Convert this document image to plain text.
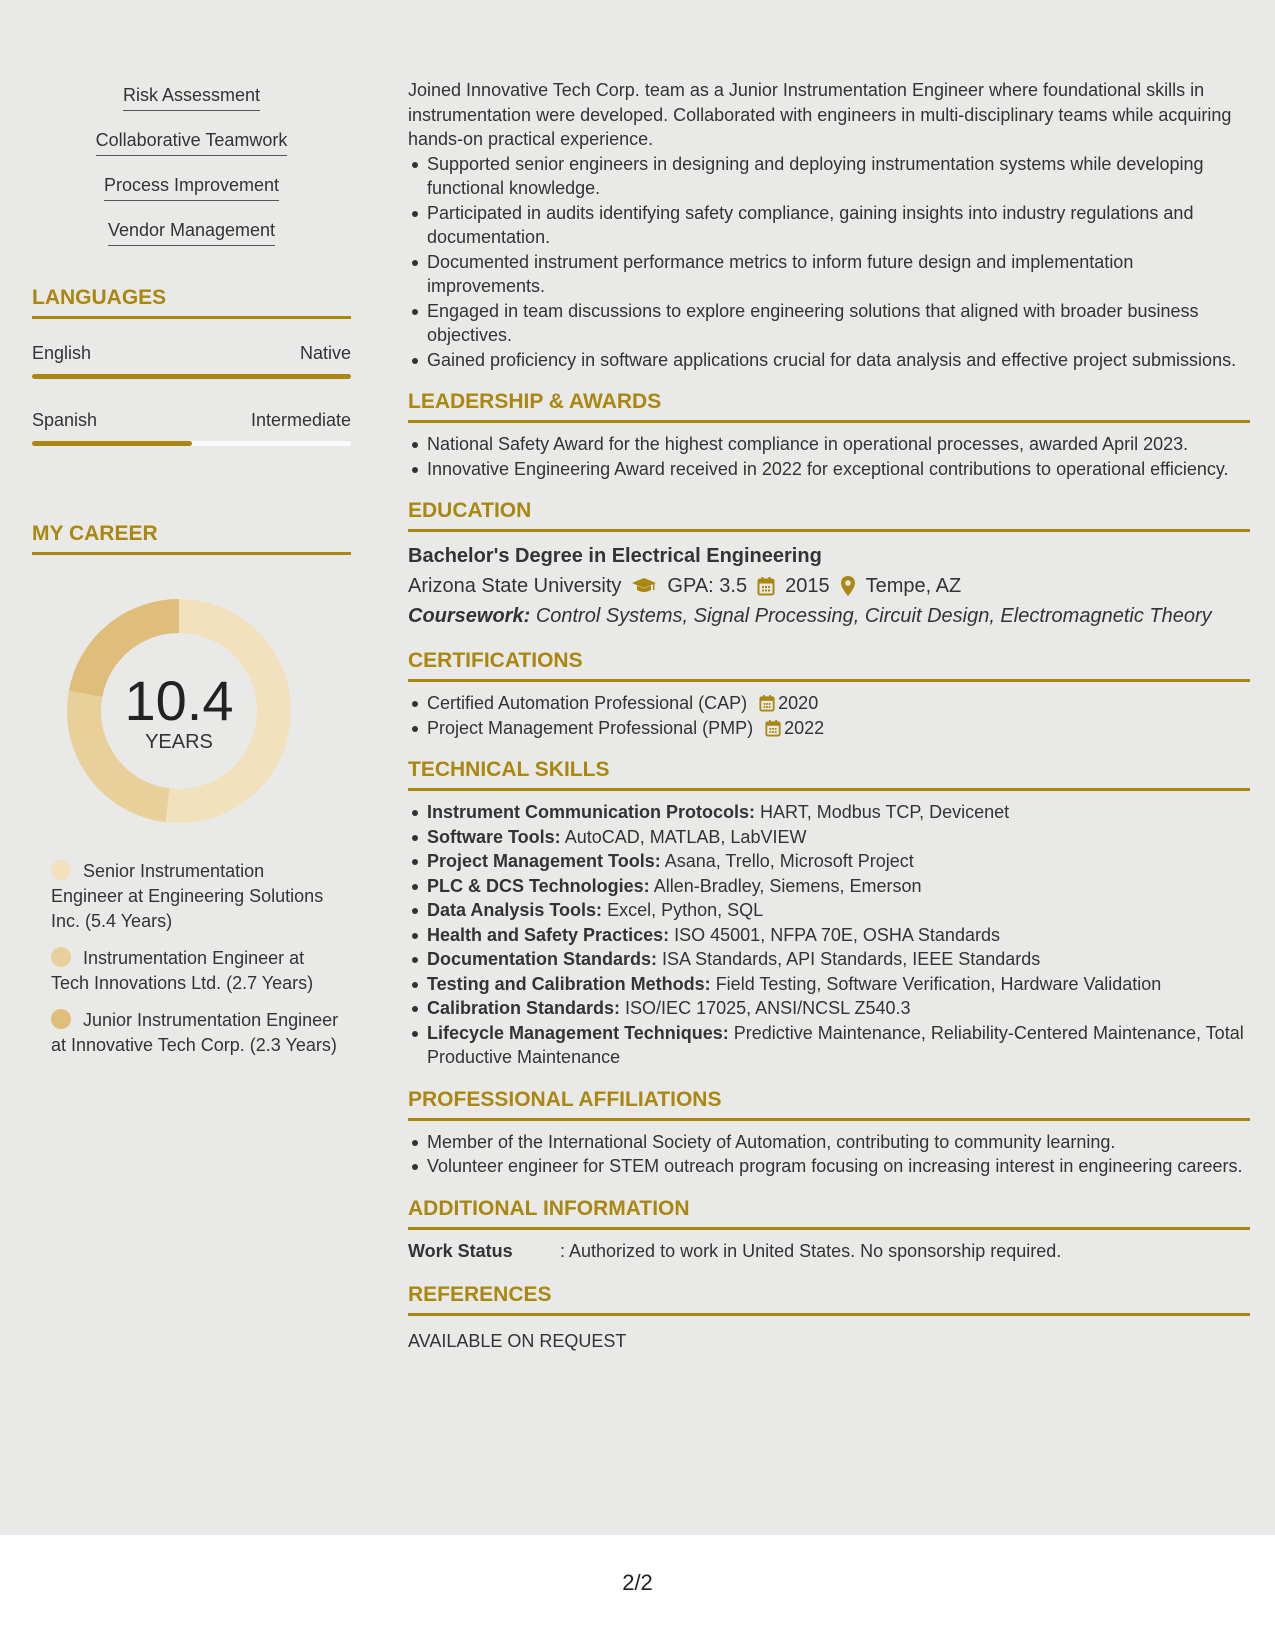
Risk Assessment
Collaborative Teamwork
Process Improvement
Vendor Management
LANGUAGES
English	Native
Spanish	Intermediate
MY CAREER
10.4
YEARS
Senior Instrumentation Engineer at Engineering Solutions Inc. (5.4 Years)
Instrumentation Engineer at Tech Innovations Ltd. (2.7 Years)
Junior Instrumentation Engineer at Innovative Tech Corp. (2.3 Years)

Joined Innovative Tech Corp. team as a Junior Instrumentation Engineer where foundational skills in instrumentation were developed. Collaborated with engineers in multi-disciplinary teams while acquiring hands-on practical experience.

Supported senior engineers in designing and deploying instrumentation systems while developing functional knowledge.
Participated in audits identifying safety compliance, gaining insights into industry regulations and documentation.
Documented instrument performance metrics to inform future design and implementation improvements.
Engaged in team discussions to explore engineering solutions that aligned with broader business objectives.
Gained proficiency in software applications crucial for data analysis and effective project submissions.
LEADERSHIP & AWARDS
National Safety Award for the highest compliance in operational processes, awarded April 2023.
Innovative Engineering Award received in 2022 for exceptional contributions to operational efficiency.
EDUCATION
Bachelor's Degree in Electrical Engineering
Arizona State University GPA: 3.5 2015 Tempe, AZ
Coursework: Control Systems, Signal Processing, Circuit Design, Electromagnetic Theory
CERTIFICATIONS
Certified Automation Professional (CAP) 2020
Project Management Professional (PMP) 2022
TECHNICAL SKILLS
Instrument Communication Protocols: HART, Modbus TCP, Devicenet
Software Tools: AutoCAD, MATLAB, LabVIEW
Project Management Tools: Asana, Trello, Microsoft Project
PLC & DCS Technologies: Allen-Bradley, Siemens, Emerson
Data Analysis Tools: Excel, Python, SQL
Health and Safety Practices: ISO 45001, NFPA 70E, OSHA Standards
Documentation Standards: ISA Standards, API Standards, IEEE Standards
Testing and Calibration Methods: Field Testing, Software Verification, Hardware Validation
Calibration Standards: ISO/IEC 17025, ANSI/NCSL Z540.3
Lifecycle Management Techniques: Predictive Maintenance, Reliability-Centered Maintenance, Total Productive Maintenance
PROFESSIONAL AFFILIATIONS
Member of the International Society of Automation, contributing to community learning.
Volunteer engineer for STEM outreach program focusing on increasing interest in engineering careers.
ADDITIONAL INFORMATION
Work Status	: Authorized to work in United States. No sponsorship required.
REFERENCES
AVAILABLE ON REQUEST
2/2
